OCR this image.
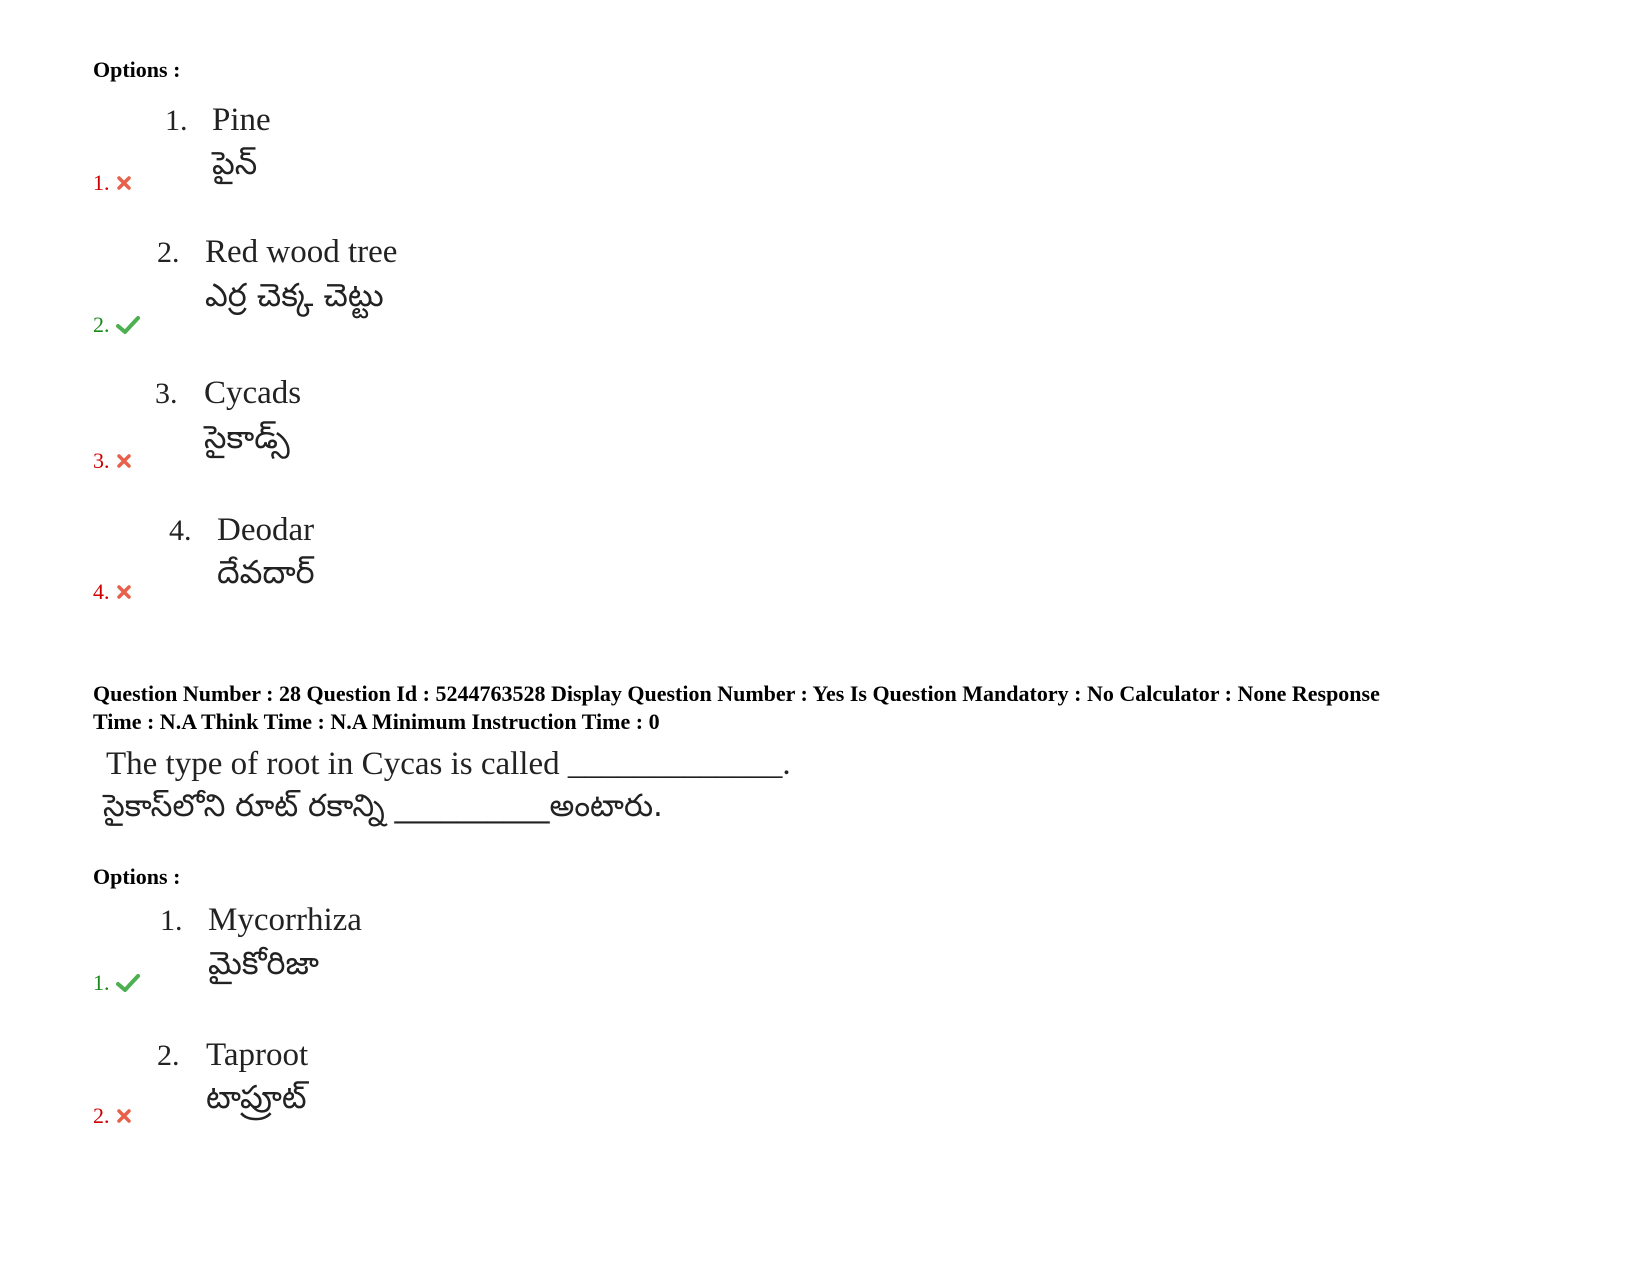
Options :
1. Pine
పైన్
1.
2. Red wood tree
ఎర్ర చెక్క చెట్టు
2.
3. Cycads
సైకాడ్స్
3.
4. Deodar
దేవదార్
4.
Question Number : 28 Question Id : 5244763528 Display Question Number : Yes Is Question Mandatory : No Calculator : None Response
Time : N.A Think Time : N.A Minimum Instruction Time : 0
The type of root in Cycas is called _____________.
సైకాస్‌లోని రూట్ రకాన్ని __________అంటారు.
Options :
1. Mycorrhiza
మైకోరిజా
1.
2. Taproot
టాప్రూట్
2.
